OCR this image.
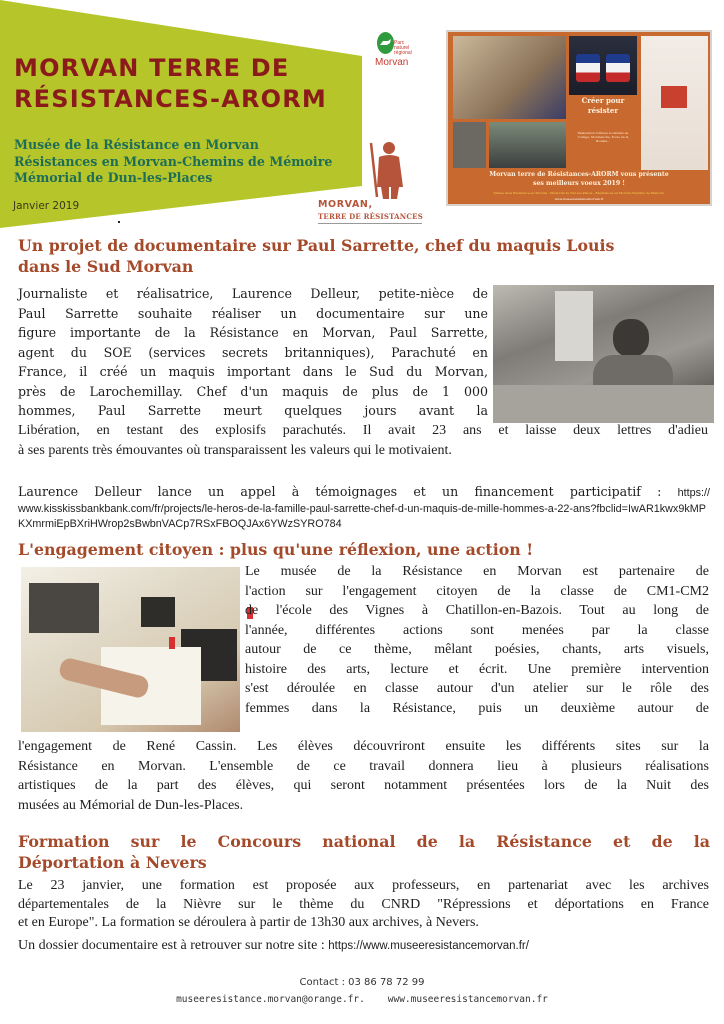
MORVAN TERRE DE
RÉSISTANCES-ARORM
Musée de la Résistance en Morvan
Résistances en Morvan-Chemins de Mémoire
Mémorial de Dun-les-Places
Janvier 2019
Parc naturel régional
Morvan
MORVAN,
TERRE DE RÉSISTANCES
Créer pour résister
Réalisation d'élèves scolarisés au Collège, Montsauche, École de la Boulaie...
Morvan terre de Résistances-ARORM vous présente
ses meilleurs voeux 2019 !
Musée de la Résistance en Morvan - Mémorial de Dun-les-Places - Résistances en Morvan-Chemins de Mémoire
www.museeresistancemorvan.fr
Un projet de documentaire sur Paul Sarrette, chef du maquis Louis
dans le Sud Morvan
Journaliste et réalisatrice, Laurence Delleur, petite-nièce de
Paul Sarrette souhaite réaliser un documentaire sur une
figure importante de la Résistance en Morvan, Paul Sarrette,
agent du SOE (services secrets britanniques), Parachuté en
France, il créé un maquis important dans le Sud du Morvan,
près de Larochemillay. Chef d'un maquis de plus de 1 000
hommes, Paul Sarrette meurt quelques jours avant la
Libération, en testant des explosifs parachutés. Il avait 23 ans et laisse deux lettres d'adieu
à ses parents très émouvantes où transparaissent les valeurs qui le motivaient.
Laurence Delleur lance un appel à témoignages et un financement participatif : https://
www.kisskissbankbank.com/fr/projects/le-heros-de-la-famille-paul-sarrette-chef-d-un-maquis-de-mille-hommes-a-22-ans?fbclid=IwAR1kwx9kMPKXmrmiEpBXriHWrop2sBwbnVACp7RSxFBOQJAx6YWzSYRO784
L'engagement citoyen : plus qu'une réflexion, une action !
Le musée de la Résistance en Morvan est partenaire de
l'action sur l'engagement citoyen de la classe de CM1-CM2
de l'école des Vignes à Chatillon-en-Bazois. Tout au long de
l'année, différentes actions sont menées par la classe
autour de ce thème, mêlant poésies, chants, arts visuels,
histoire des arts, lecture et écrit. Une première intervention
s'est déroulée en classe autour d'un atelier sur le rôle des
femmes dans la Résistance, puis un deuxième autour de
l'engagement de René Cassin. Les élèves découvriront ensuite les différents sites sur la
Résistance en Morvan. L'ensemble de ce travail donnera lieu à plusieurs réalisations
artistiques de la part des élèves, qui seront notamment présentées lors de la Nuit des
musées au Mémorial de Dun-les-Places.
Formation sur le Concours national de la Résistance et de la
Déportation à Nevers
Le 23 janvier, une formation est proposée aux professeurs, en partenariat avec les archives
départementales de la Nièvre sur le thème du CNRD "Répressions et déportations en France
et en Europe". La formation se déroulera à partir de 13h30 aux archives, à Nevers.
Un dossier documentaire est à retrouver sur notre site : https://www.museeresistancemorvan.fr/
Contact : 03 86 78 72 99
museeresistance.morvan@orange.fr. www.museeresistancemorvan.fr
